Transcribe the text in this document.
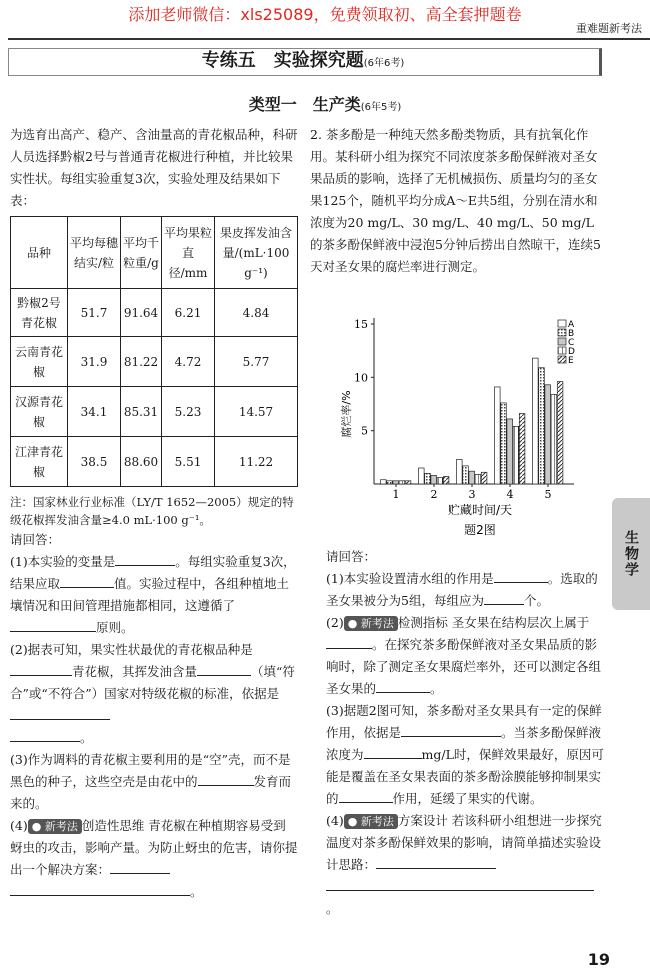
添加老师微信：xls25089，免费领取初、高全套押题卷
重难题新考法
专练五　实验探究题(6年6考)
类型一　生产类(6年5考)
为选育出高产、稳产、含油量高的青花椒品种，科研人员选择黔椒2号与普通青花椒进行种植，并比较果实性状。每组实验重复3次，实验处理及结果如下表：
品种	平均每穗结实/粒	平均千粒重/g	平均果粒直径/mm	果皮挥发油含量/(mL·100 g⁻¹)
黔椒2号青花椒	51.7	91.64	6.21	4.84
云南青花椒	31.9	81.22	4.72	5.77
汉源青花椒	34.1	85.31	5.23	14.57
江津青花椒	38.5	88.60	5.51	11.22
注：国家林业行业标准（LY/T 1652—2005）规定的特级花椒挥发油含量≥4.0 mL·100 g⁻¹。
请回答：
(1)本实验的变量是	。每组实验重复3次，结果应取	值。实验过程中，各组种植地土壤情况和田间管理措施都相同，这遵循了原则。
(2)据表可知，果实性状最优的青花椒品种是青花椒，其挥发油含量	（填“符合”或“不符合”）国家对特级花椒的标准，依据是
。
(3)作为调料的青花椒主要利用的是“空”壳，而不是黑色的种子，这些空壳是由花中的	发育而来的。
(4) ● 新考法 创造性思维 青花椒在种植期容易受到蚜虫的攻击，影响产量。为防止蚜虫的危害，请你提出一个解决方案：
。
2. 茶多酚是一种纯天然多酚类物质，具有抗氧化作用。某科研小组为探究不同浓度茶多酚保鲜液对圣女果品质的影响，选择了无机械损伤、质量均匀的圣女果125个，随机平均分成A～E共5组，分别在清水和浓度为20 mg/L、30 mg/L、40 mg/L、50 mg/L的茶多酚保鲜液中浸泡5分钟后捞出自然晾干，连续5天对圣女果的腐烂率进行测定。
5
10
15
1	2	3	4	5
贮藏时间/天
腐烂率/%
题2图
A
B
C
D
E
请回答：
(1)本实验设置清水组的作用是	。选取的圣女果被分为5组，每组应为	个。
(2) ● 新考法 检测指标 圣女果在结构层次上属于。在探究茶多酚保鲜液对圣女果品质的影响时，除了测定圣女果腐烂率外，还可以测定各组圣女果的	。
(3)据题2图可知，茶多酚对圣女果具有一定的保鲜作用，依据是	。当茶多酚保鲜液浓度为	mg/L时，保鲜效果最好，原因可能是覆盖在圣女果表面的茶多酚涂膜能够抑制果实的	作用，延缓了果实的代谢。
(4) ● 新考法 方案设计 若该科研小组想进一步探究温度对茶多酚保鲜效果的影响，请简单描述实验设计思路：
。
生物学
19
